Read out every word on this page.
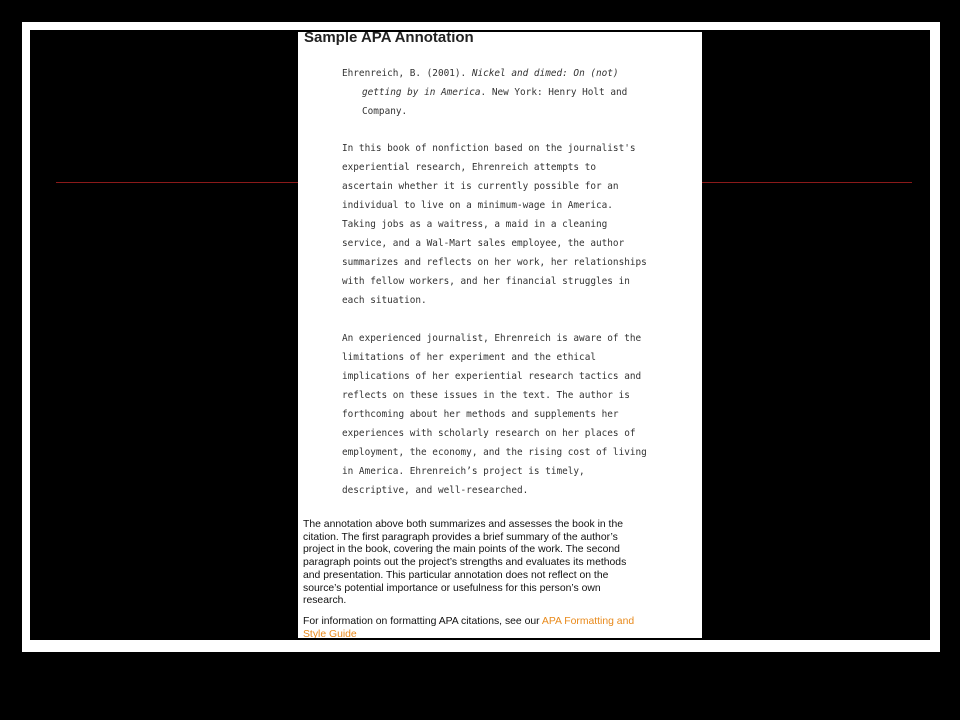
Sample APA Annotation
Ehrenreich, B. (2001). Nickel and dimed: On (not)
getting by in America. New York: Henry Holt and
Company.
In this book of nonfiction based on the journalist's
experiential research, Ehrenreich attempts to
ascertain whether it is currently possible for an
individual to live on a minimum-wage in America.
Taking jobs as a waitress, a maid in a cleaning
service, and a Wal-Mart sales employee, the author
summarizes and reflects on her work, her relationships
with fellow workers, and her financial struggles in
each situation.
An experienced journalist, Ehrenreich is aware of the
limitations of her experiment and the ethical
implications of her experiential research tactics and
reflects on these issues in the text. The author is
forthcoming about her methods and supplements her
experiences with scholarly research on her places of
employment, the economy, and the rising cost of living
in America. Ehrenreich’s project is timely,
descriptive, and well-researched.
The annotation above both summarizes and assesses the book in the
citation. The first paragraph provides a brief summary of the author’s
project in the book, covering the main points of the work. The second
paragraph points out the project’s strengths and evaluates its methods
and presentation. This particular annotation does not reflect on the
source’s potential importance or usefulness for this person’s own
research.
For information on formatting APA citations, see our APA Formatting and
Style Guide
